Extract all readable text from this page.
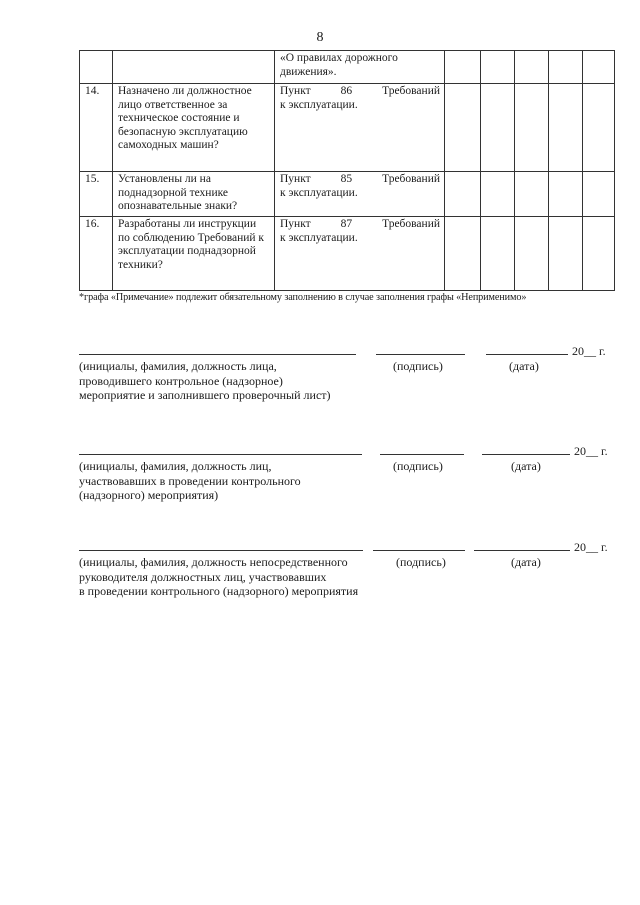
8
		«О правилах дорожного движения».					
14.	Назначено ли должностное лицо ответственное за техническое состояние и безопасную эксплуатацию самоходных машин?	Пункт 86 Требований
к эксплуатации.					

15.	Установлены ли на поднадзорной технике опознавательные знаки?	Пункт 85 Требований
к эксплуатации.					

16.	Разработаны ли инструкции по соблюдению Требований к эксплуатации поднадзорной техники?	Пункт 87 Требований
к эксплуатации.					

*графа «Примечание» подлежит обязательному заполнению в случае заполнения графы «Неприменимо»
20__ г.
(инициалы, фамилия, должность лица,
проводившего контрольное (надзорное)
мероприятие и заполнившего проверочный лист)
(подпись)	(дата)
20__ г.
(инициалы, фамилия, должность лиц,
участвовавших в проведении контрольного
(надзорного) мероприятия)
(подпись)	(дата)
20__ г.
(инициалы, фамилия, должность непосредственного
руководителя должностных лиц, участвовавших
в проведении контрольного (надзорного) мероприятия
(подпись)	(дата)
